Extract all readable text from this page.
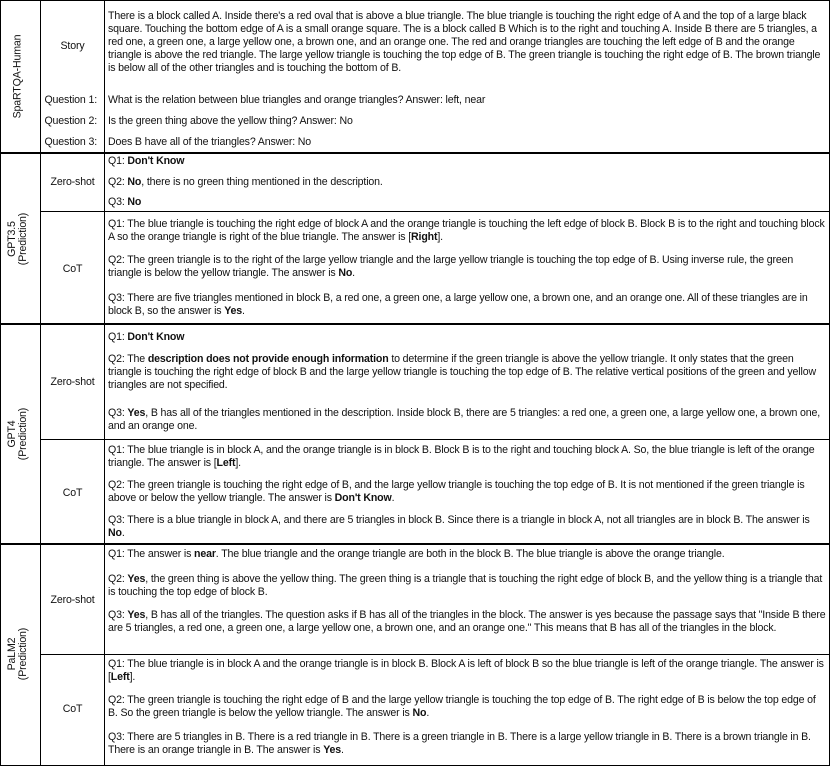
SpaRTQA-Human	Story
There is a block called A. Inside there's a red oval that is above a blue triangle. The blue triangle is touching the right edge of A and the top of a large black square. Touching the bottom edge of A is a small orange square. The is a block called B Which is to the right and touching A. Inside B there are 5 triangles, a red one, a green one, a large yellow one, a brown one, and an orange one. The red and orange triangles are touching the left edge of B and the orange triangle is above the red triangle. The large yellow triangle is touching the top edge of B. The green triangle is touching the right edge of B. The brown triangle is below all of the other triangles and is touching the bottom of B.
Question 1: What is the relation between blue triangles and orange triangles? Answer: left, near
Question 2: Is the green thing above the yellow thing? Answer: No
Question 3: Does B have all of the triangles? Answer: No
GPT3.5 (Prediction)
Zero-shot
Q1: Don't Know
Q2: No, there is no green thing mentioned in the description.
Q3: No
CoT
Q1: The blue triangle is touching the right edge of block A and the orange triangle is touching the left edge of block B. Block B is to the right and touching block A so the orange triangle is right of the blue triangle. The answer is [Right].
Q2: The green triangle is to the right of the large yellow triangle and the large yellow triangle is touching the top edge of B. Using inverse rule, the green triangle is below the yellow triangle. The answer is No.
Q3: There are five triangles mentioned in block B, a red one, a green one, a large yellow one, a brown one, and an orange one. All of these triangles are in block B, so the answer is Yes.
GPT4 (Prediction)
Zero-shot
Q1: Don't Know
Q2: The description does not provide enough information to determine if the green triangle is above the yellow triangle. It only states that the green triangle is touching the right edge of block B and the large yellow triangle is touching the top edge of B. The relative vertical positions of the green and yellow triangles are not specified.
Q3: Yes, B has all of the triangles mentioned in the description. Inside block B, there are 5 triangles: a red one, a green one, a large yellow one, a brown one, and an orange one.
CoT
Q1: The blue triangle is in block A, and the orange triangle is in block B. Block B is to the right and touching block A. So, the blue triangle is left of the orange triangle. The answer is [Left].
Q2: The green triangle is touching the right edge of B, and the large yellow triangle is touching the top edge of B. It is not mentioned if the green triangle is above or below the yellow triangle. The answer is Don't Know.
Q3: There is a blue triangle in block A, and there are 5 triangles in block B. Since there is a triangle in block A, not all triangles are in block B. The answer is No.
PaLM2 (Prediction)
Zero-shot
Q1: The answer is near. The blue triangle and the orange triangle are both in the block B. The blue triangle is above the orange triangle.
Q2: Yes, the green thing is above the yellow thing. The green thing is a triangle that is touching the right edge of block B, and the yellow thing is a triangle that is touching the top edge of block B.
Q3: Yes, B has all of the triangles. The question asks if B has all of the triangles in the block. The answer is yes because the passage says that "Inside B there are 5 triangles, a red one, a green one, a large yellow one, a brown one, and an orange one." This means that B has all of the triangles in the block.
CoT
Q1: The blue triangle is in block A and the orange triangle is in block B. Block A is left of block B so the blue triangle is left of the orange triangle. The answer is [Left].
Q2: The green triangle is touching the right edge of B and the large yellow triangle is touching the top edge of B. The right edge of B is below the top edge of B. So the green triangle is below the yellow triangle. The answer is No.
Q3: There are 5 triangles in B. There is a red triangle in B. There is a green triangle in B. There is a large yellow triangle in B. There is a brown triangle in B. There is an orange triangle in B. The answer is Yes.
